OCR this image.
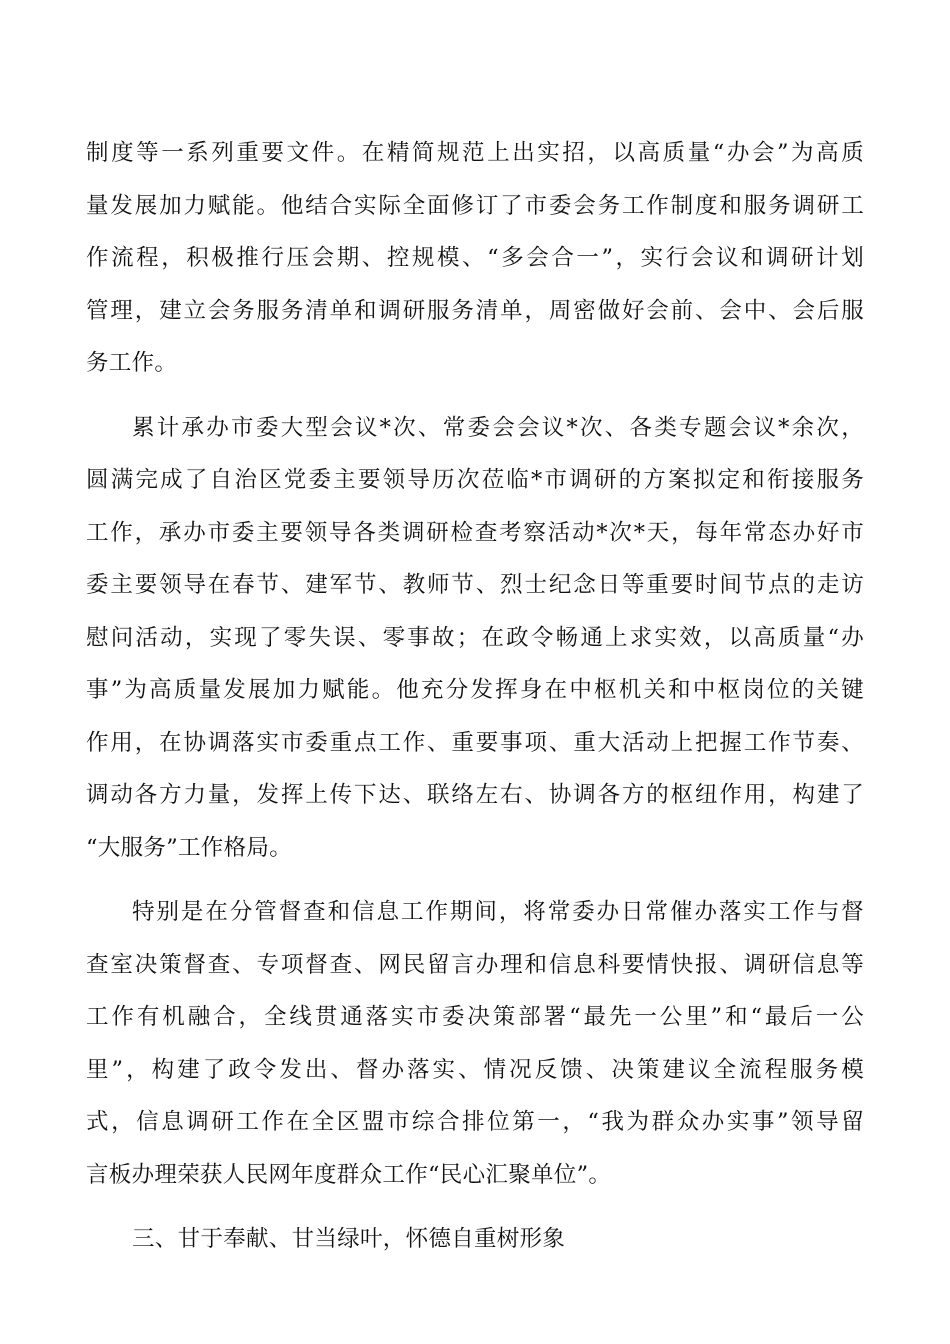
制度等一系列重要文件。在精简规范上出实招，以高质量“办会”为高质
量发展加力赋能。他结合实际全面修订了市委会务工作制度和服务调研工
作流程，积极推行压会期、控规模、“多会合一”，实行会议和调研计划
管理，建立会务服务清单和调研服务清单，周密做好会前、会中、会后服
务工作。
累计承办市委大型会议*次、常委会会议*次、各类专题会议*余次，
圆满完成了自治区党委主要领导历次莅临*市调研的方案拟定和衔接服务
工作，承办市委主要领导各类调研检查考察活动*次*天，每年常态办好市
委主要领导在春节、建军节、教师节、烈士纪念日等重要时间节点的走访
慰问活动，实现了零失误、零事故；在政令畅通上求实效，以高质量“办
事”为高质量发展加力赋能。他充分发挥身在中枢机关和中枢岗位的关键
作用，在协调落实市委重点工作、重要事项、重大活动上把握工作节奏、
调动各方力量，发挥上传下达、联络左右、协调各方的枢纽作用，构建了
“大服务”工作格局。
特别是在分管督查和信息工作期间，将常委办日常催办落实工作与督
查室决策督查、专项督查、网民留言办理和信息科要情快报、调研信息等
工作有机融合，全线贯通落实市委决策部署“最先一公里”和“最后一公
里”，构建了政令发出、督办落实、情况反馈、决策建议全流程服务模
式，信息调研工作在全区盟市综合排位第一，“我为群众办实事”领导留
言板办理荣获人民网年度群众工作“民心汇聚单位”。
三、甘于奉献、甘当绿叶，怀德自重树形象
